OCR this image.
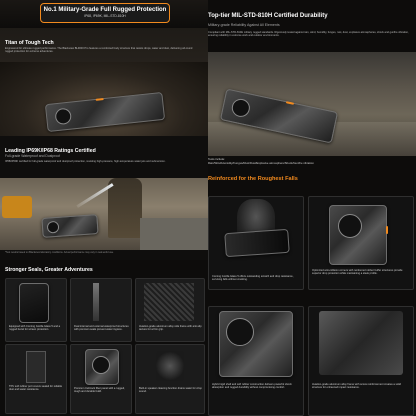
No.1 Military-Grade Full Rugged Protection
IP68, IP69K, MIL-STD-810H
Titan of Tough Tech
Engineered for ultimate rugged performance. The Blackview BL9000 Pro features a reinforced body structure that resists drops, water and dust, delivering all-round rugged protection for extreme adventures.
Leading IP69K/IP68 Ratings Certified
Full-grade Waterproof and Dustproof
IP68/IP69K certified for full-grade waterproof and dustproof protection, resisting high-pressure, high-temperature water jets and submersion.
*Test results based on Blackview laboratory conditions. Actual performance may vary in real-world use.
Stronger Seals, Greater Adventures
Equipped with Corning Gorilla Glass 5 and a rugged bezel for screen protection.
Dual internal and external waterproof structures with premium seals prevent water ingress.
Aviation-grade aluminum alloy side frame with anti-slip texture for a firm grip.
TPU soft rubber port covers sealed for reliable dust and water resistance.	Premium Cell-lock fiber panel with a rugged, tough and durable build.
Built-in speaker cleaning function drains water for crisp sound.
Top-tier MIL-STD-810H Certified Durability
Military-grade Reliability Against All Elements
Compliant with MIL-STD-810H military rugged standards. Rigorously tested against rain, wind, humidity, fungus, rust, dust, explosive atmospheres, shock and gunfire vibration, ensuring reliability in extreme work and outdoor environments.
Tests include:
Rain/Wind/Humidity/Fungus/Rust/Dust/Explosive atmosphere/Shock/Gunfire vibration
Reinforced for the Roughest Falls
Corning Gorilla Glass 5 offers outstanding scratch and drop resistance, surviving falls without cracking.
Optimized anti-collision corners with reinforced rubber buffer structures provide superior drop protection while maintaining a sleek profile.
Hybrid rigid shell and soft rubber construction delivers powerful shock absorption and rugged durability without compromising comfort.
Aviation-grade aluminum alloy frame with screw reinforcement creates a solid structure for enhanced impact resistance.
